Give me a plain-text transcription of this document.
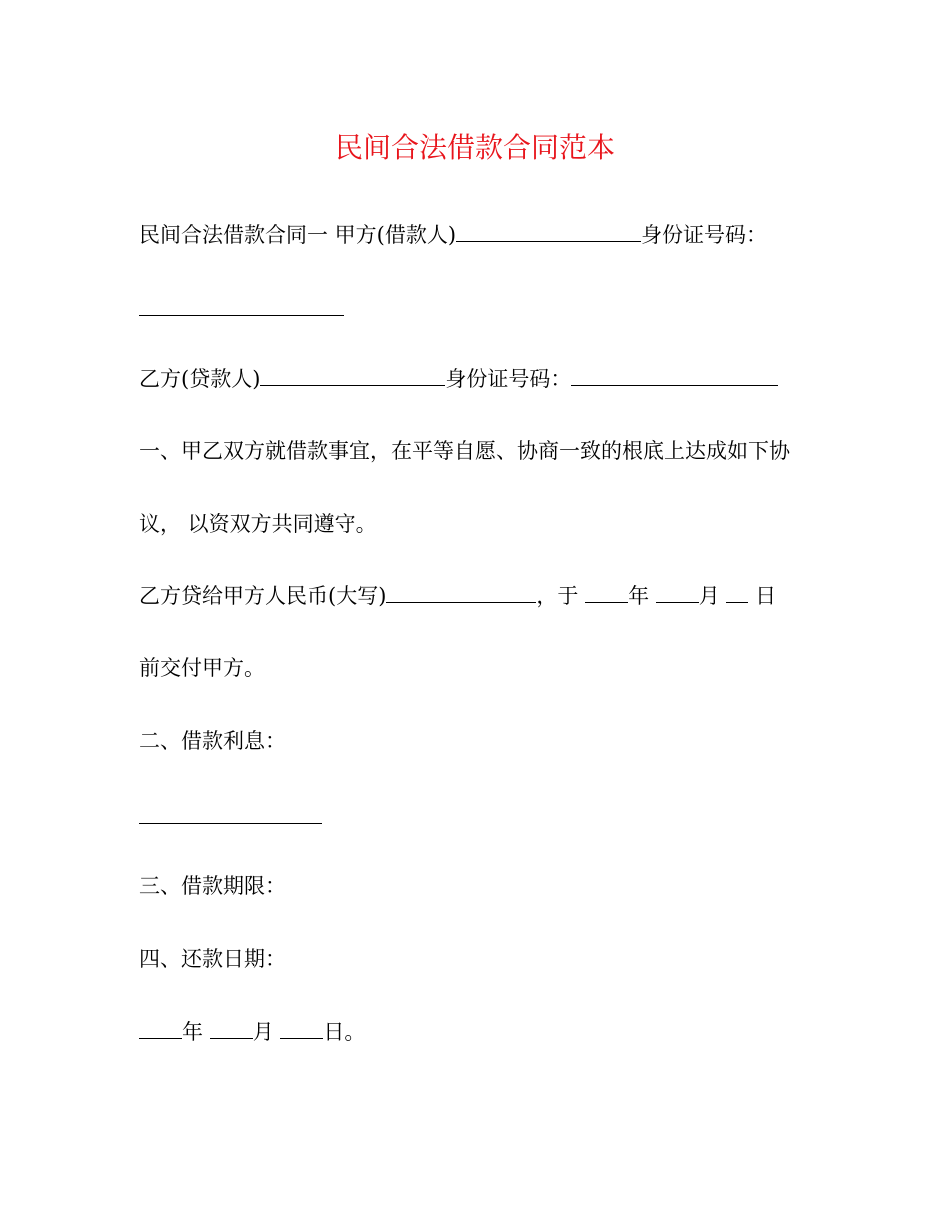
民间合法借款合同范本
民间合法借款合同一 甲方(借款人)	身份证号码：
乙方(贷款人)	身份证号码：
一、甲乙双方就借款事宜，在平等自愿、协商一致的根底上达成如下协
议， 以资双方共同遵守。
乙方贷给甲方人民币(大写)	，于 年 月  日
前交付甲方。
二、借款利息：
三、借款期限：
四、还款日期：
年 月 日。
